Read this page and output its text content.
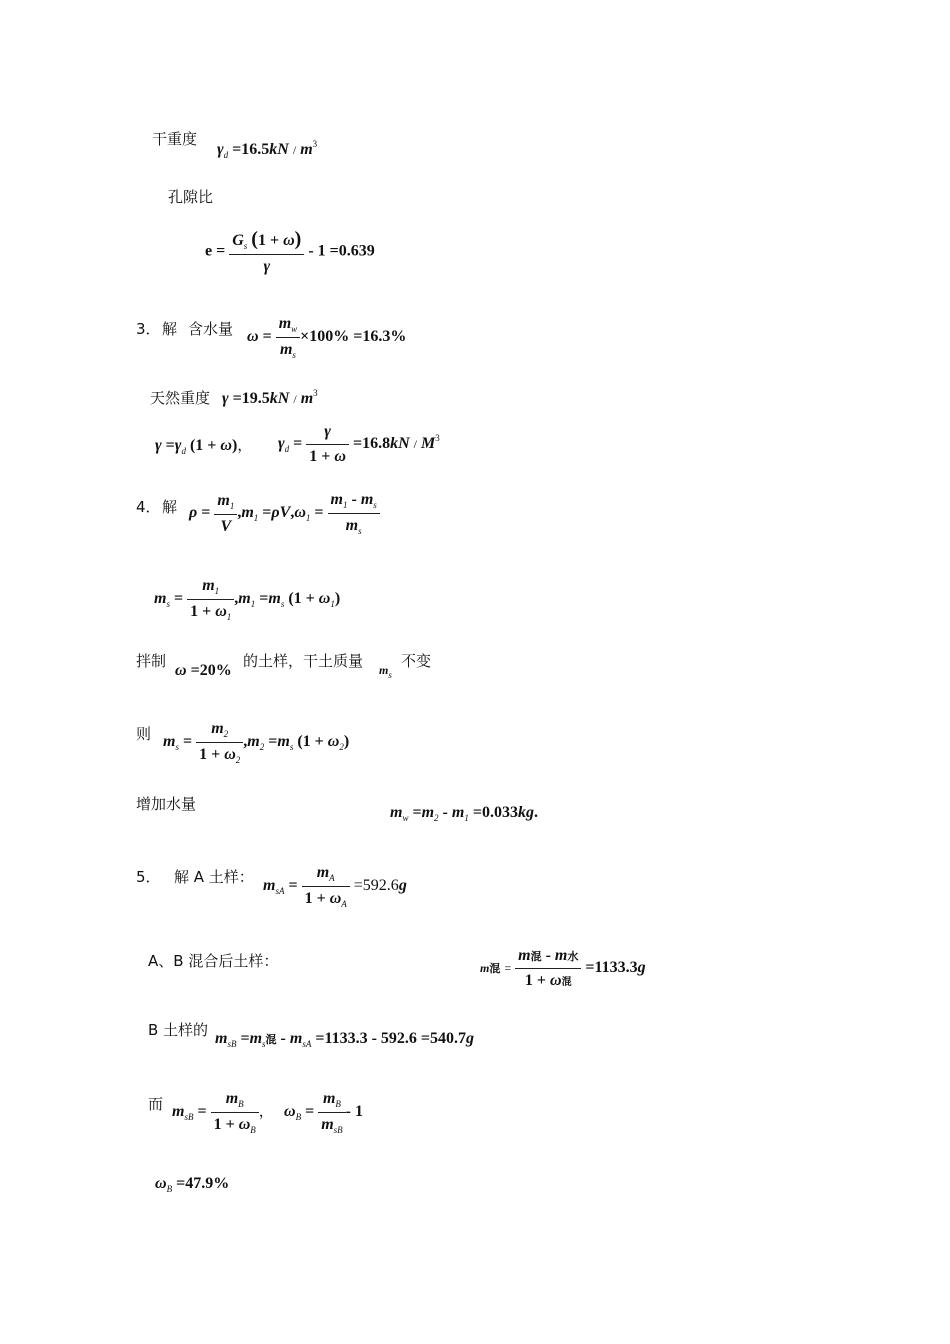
干重度
$\gamma_d =16.5kN / m^3$
孔隙比
$e = \frac{G_s (1 + \omega)}{\gamma} - 1 =0.639$
3． 解 含水量 $\omega = \frac{m_w}{m_s} \times 100\% =16.3\%$
天然重度 $\gamma =19.5kN / m^3$
$\gamma =\gamma_d$ (1 + ω)， $\gamma_d = \frac{\gamma}{1 + \omega} =16.8kN / M^3$
4． 解 $\rho = \frac{m_1}{V} ,m_1 =\rho V,\omega_1 = \frac{m_1 - m_s}{m_s}$
$m_s = \frac{m_1}{1 + \omega_1} ,m_1 =m_s$ $(1 + \omega_1)$
拌制
ω =20%
的土样，干土质量 $m_s$
不变
则 $m_s = \frac{m_2}{1 + \omega_2} ,m_2 =m_s$ $(1 + \omega_2)$
增加水量	$m_w =m_2 - m_1 =0.033kg$.
5． 解 A 土样： $m_{sA} = \frac{m_A}{1 + \omega_A} =592.6g$
A、B 混合后土样：	m混 = $\frac{\text{m混 - m水}}{\text{1 + ω混}} =1133.3g$
B 土样的 $m_{sB} =m_s$混 - $m_{sA} =1133.3 - 592.6 =540.7g$
而 $m_{sB} = \frac{m_B}{1 + \omega_B}$ ， $\omega_B = \frac{m_B}{m_{sB}} - 1$
$\omega_B =47.9\%$
